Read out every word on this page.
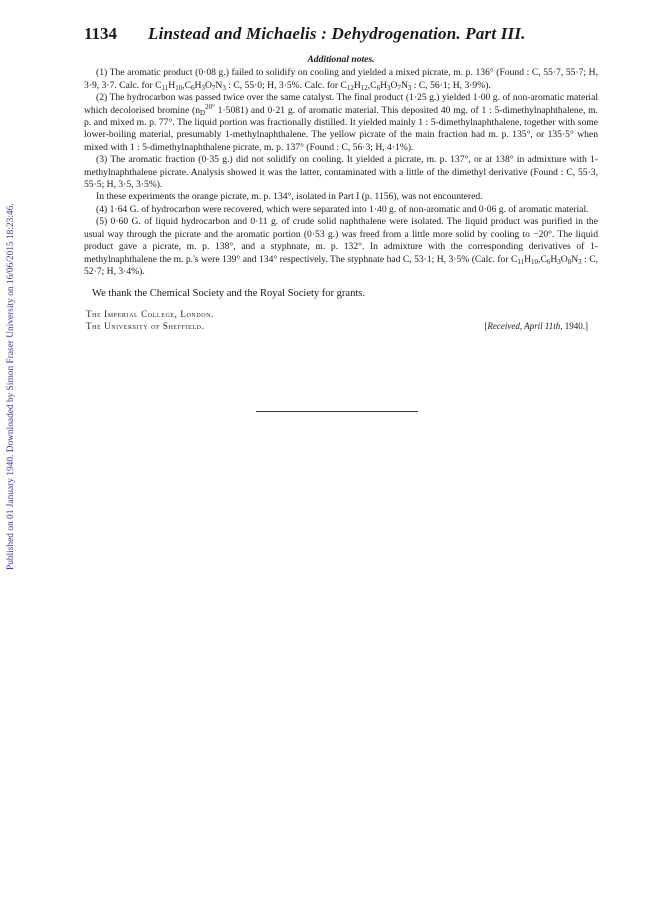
Published on 01 January 1940. Downloaded by Simon Fraser University on 16/06/2015 18:23:46.
1134 Linstead and Michaelis : Dehydrogenation. Part III.
Additional notes.

(1) The aromatic product (0·08 g.) failed to solidify on cooling and yielded a mixed picrate, m. p. 136° (Found : C, 55·7, 55·7; H, 3·9, 3·7. Calc. for $C_{11}H_{10},C_6H_3O_7N_3$ : C, 55·0; H, 3·5%. Calc. for $C_{12}H_{12},C_6H_3O_7N_3$ : C, 56·1; H, 3·9%).

(2) The hydrocarbon was passed twice over the same catalyst. The final product (1·25 g.) yielded 1·00 g. of non-aromatic material which decolorised bromine ($n_D^{20^\circ}$ 1·5081) and 0·21 g. of aromatic material. This deposited 40 mg. of 1 : 5-dimethylnaphthalene, m. p. and mixed m. p. 77°. The liquid portion was fractionally distilled. It yielded mainly 1 : 5-dimethylnaphthalene, together with some lower-boiling material, presumably 1-methylnaphthalene. The yellow picrate of the main fraction had m. p. 135°, or 135·5° when mixed with 1 : 5-dimethylnaphthalene picrate, m. p. 137° (Found : C, 56·3; H, 4·1%).

(3) The aromatic fraction (0·35 g.) did not solidify on cooling. It yielded a picrate, m. p. 137°, or at 138° in admixture with 1-methylnaphthalene picrate. Analysis showed it was the latter, contaminated with a little of the dimethyl derivative (Found : C, 55·3, 55·5; H, 3·5, 3·5%).

In these experiments the orange picrate, m. p. 134°, isolated in Part I (p. 1156), was not encountered.

(4) 1·64 G. of hydrocarbon were recovered, which were separated into 1·40 g. of non-aromatic and 0·06 g. of aromatic material.

(5) 0·60 G. of liquid hydrocarbon and 0·11 g. of crude solid naphthalene were isolated. The liquid product was purified in the usual way through the picrate and the aromatic portion (0·53 g.) was freed from a little more solid by cooling to −20°. The liquid product gave a picrate, m. p. 138°, and a styphnate, m. p. 132°. In admixture with the corresponding derivatives of 1-methylnaphthalene the m. p.'s were 139° and 134° respectively. The styphnate had C, 53·1; H, 3·5% (Calc. for $C_{11}H_{10},C_6H_3O_8N_3$ : C, 52·7; H, 3·4%).

We thank the Chemical Society and the Royal Society for grants.

The Imperial College, London.
The University of Sheffield.	[Received, April 11th, 1940.]
